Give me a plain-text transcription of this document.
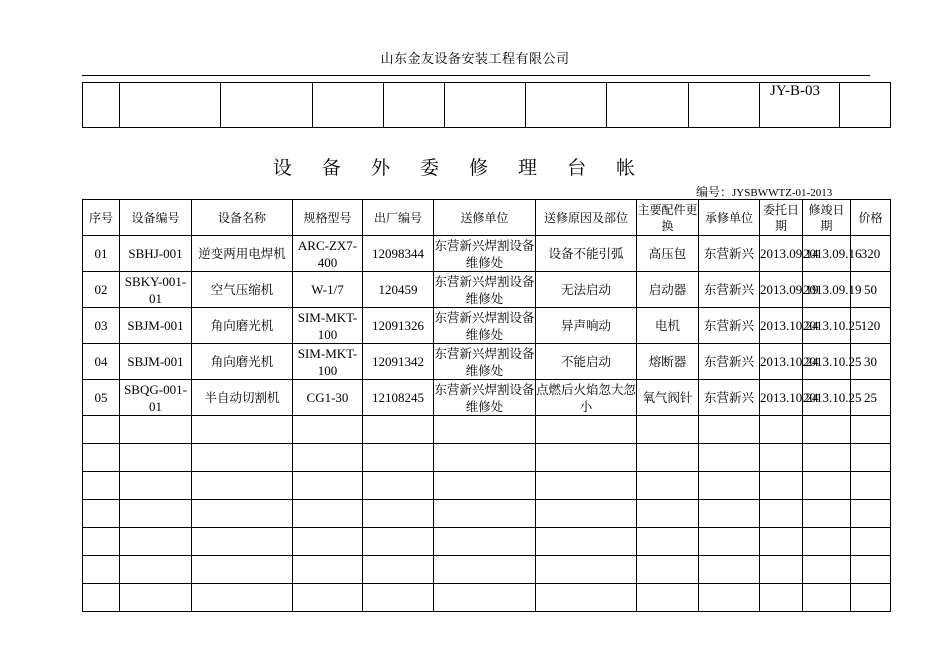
山东金友设备安装工程有限公司
									JY-B-03
设 备 外 委 修 理 台 帐
编号：JYSBWWTZ-01-2013
序号	设备编号	设备名称	规格型号	出厂编号	送修单位	送修原因及部位	主要配件更换	承修单位	委托日期	修竣日期	价格
01	SBHJ-001	逆变两用电焊机	ARC-ZX7-400	12098344	东营新兴焊割设备维修处	设备不能引弧	高压包	东营新兴	2013.09.14	2013.09.16	320
02	SBKY-001-01	空气压缩机	W-1/7	120459	东营新兴焊割设备维修处	无法启动	启动器	东营新兴	2013.09.19	2013.09.19	50
03	SBJM-001	角向磨光机	SIM-MKT-100	12091326	东营新兴焊割设备维修处	异声响动	电机	东营新兴	2013.10.24	2013.10.25	120
04	SBJM-001	角向磨光机	SIM-MKT-100	12091342	东营新兴焊割设备维修处	不能启动	熔断器	东营新兴	2013.10.24	2013.10.25	30
05	SBQG-001-01	半自动切割机	CG1-30	12108245	东营新兴焊割设备维修处	点燃后火焰忽大忽小	氧气阀针	东营新兴	2013.10.24	2013.10.25	25
